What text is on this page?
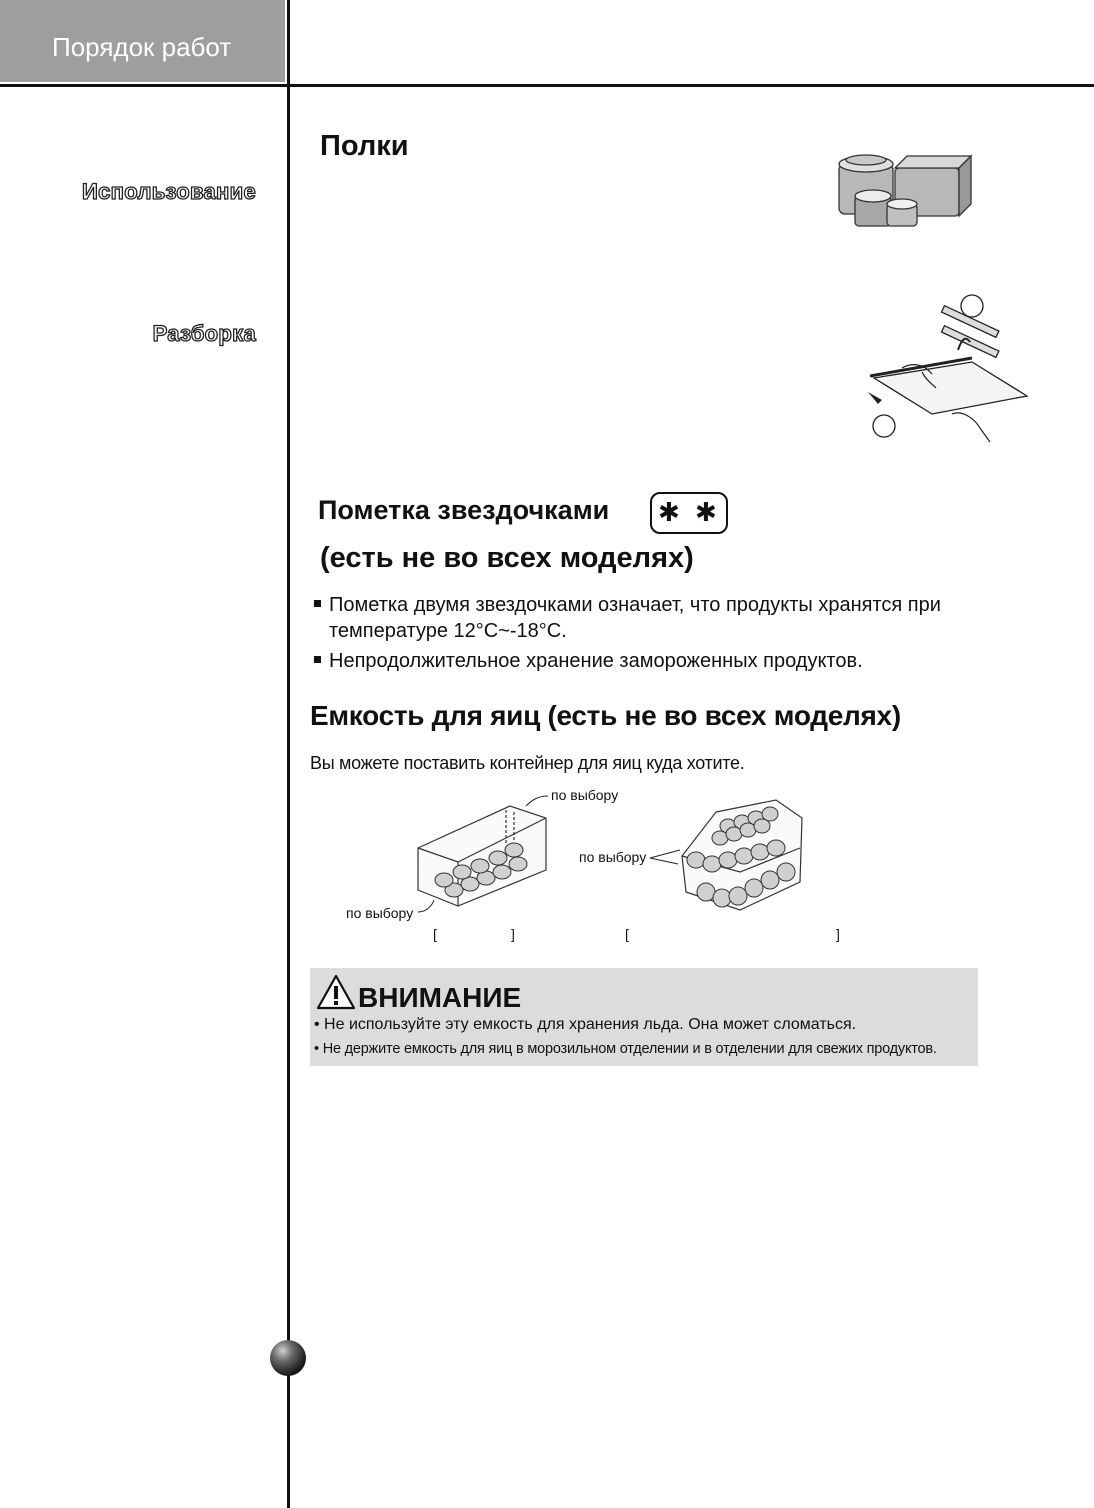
Порядок работ
Использование
Разборка
Полки
Пометка звездочками ✱ ✱
(есть не во всех моделях)
Пометка двумя звездочками означает, что продукты хранятся при
температуре 12°C~-18°C.
Непродолжительное хранение замороженных продуктов.
Емкость для яиц (есть не во всех моделях)
Вы можете поставить контейнер для яиц куда хотите.
по выбору
по выбору
по выбору
[	]	[	]
ВНИМАНИЕ
• Не используйте эту емкость для хранения льда. Она может сломаться.
• Не держите емкость для яиц в морозильном отделении и в отделении для свежих продуктов.
